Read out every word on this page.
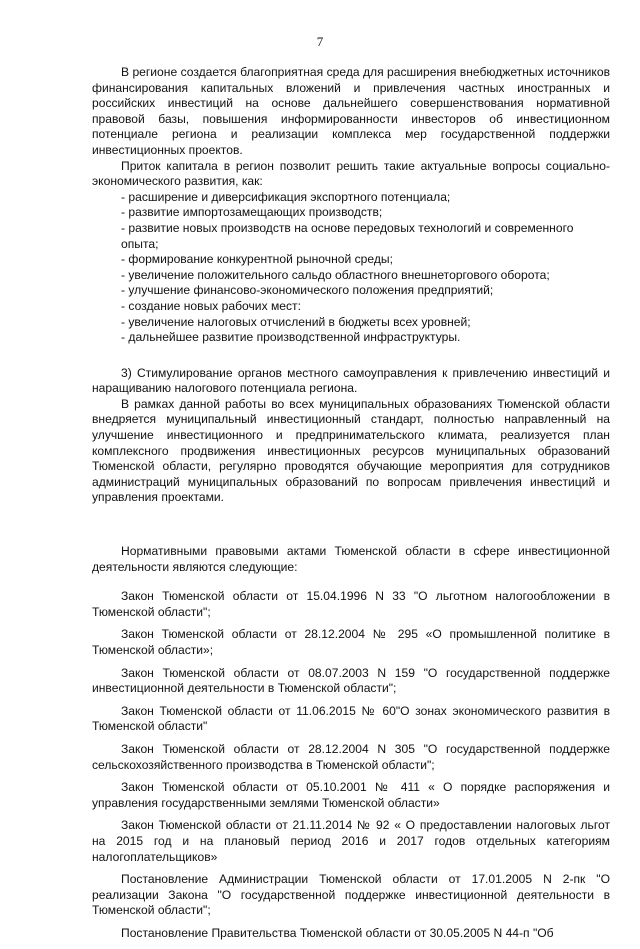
7

В регионе создается благоприятная среда для расширения внебюджетных источников финансирования капитальных вложений и привлечения частных иностранных и российских инвестиций на основе дальнейшего совершенствования нормативной правовой базы, повышения информированности инвесторов об инвестиционном потенциале региона и реализации комплекса мер государственной поддержки инвестиционных проектов.

Приток капитала в регион позволит решить такие актуальные вопросы социально-экономического развития, как:

- расширение и диверсификация экспортного потенциала;

- развитие импортозамещающих производств;

- развитие новых производств на основе передовых технологий и современного опыта;

- формирование конкурентной рыночной среды;

- увеличение положительного сальдо областного внешнеторгового оборота;

- улучшение финансово-экономического положения предприятий;

- создание новых рабочих мест:

- увеличение налоговых отчислений в бюджеты всех уровней;

- дальнейшее развитие производственной инфраструктуры.

3) Стимулирование органов местного самоуправления к привлечению инвестиций и наращиванию налогового потенциала региона.

В рамках данной работы во всех муниципальных образованиях Тюменской области внедряется муниципальный инвестиционный стандарт, полностью направленный на улучшение инвестиционного и предпринимательского климата, реализуется план комплексного продвижения инвестиционных ресурсов муниципальных образований Тюменской области, регулярно проводятся обучающие мероприятия для сотрудников администраций муниципальных образований по вопросам привлечения инвестиций и управления проектами.

Нормативными правовыми актами Тюменской области в сфере инвестиционной деятельности являются следующие:

Закон Тюменской области от 15.04.1996 N 33 "О льготном налогообложении в Тюменской области";

Закон Тюменской области от 28.12.2004 № 295 «О промышленной политике в Тюменской области»;

Закон Тюменской области от 08.07.2003 N 159 "О государственной поддержке инвестиционной деятельности в Тюменской области";

Закон Тюменской области от 11.06.2015 № 60"О зонах экономического развития в Тюменской области"

Закон Тюменской области от 28.12.2004 N 305 "О государственной поддержке сельскохозяйственного производства в Тюменской области";

Закон Тюменской области от 05.10.2001 № 411 « О порядке распоряжения и управления государственными землями Тюменской области»

Закон Тюменской области от 21.11.2014 № 92 « О предоставлении налоговых льгот на 2015 год и на плановый период 2016 и 2017 годов отдельных категориям налогоплательщиков»

Постановление Администрации Тюменской области от 17.01.2005 N 2-пк "О реализации Закона "О государственной поддержке инвестиционной деятельности в Тюменской области";

Постановление Правительства Тюменской области от 30.05.2005 N 44-п "Об
